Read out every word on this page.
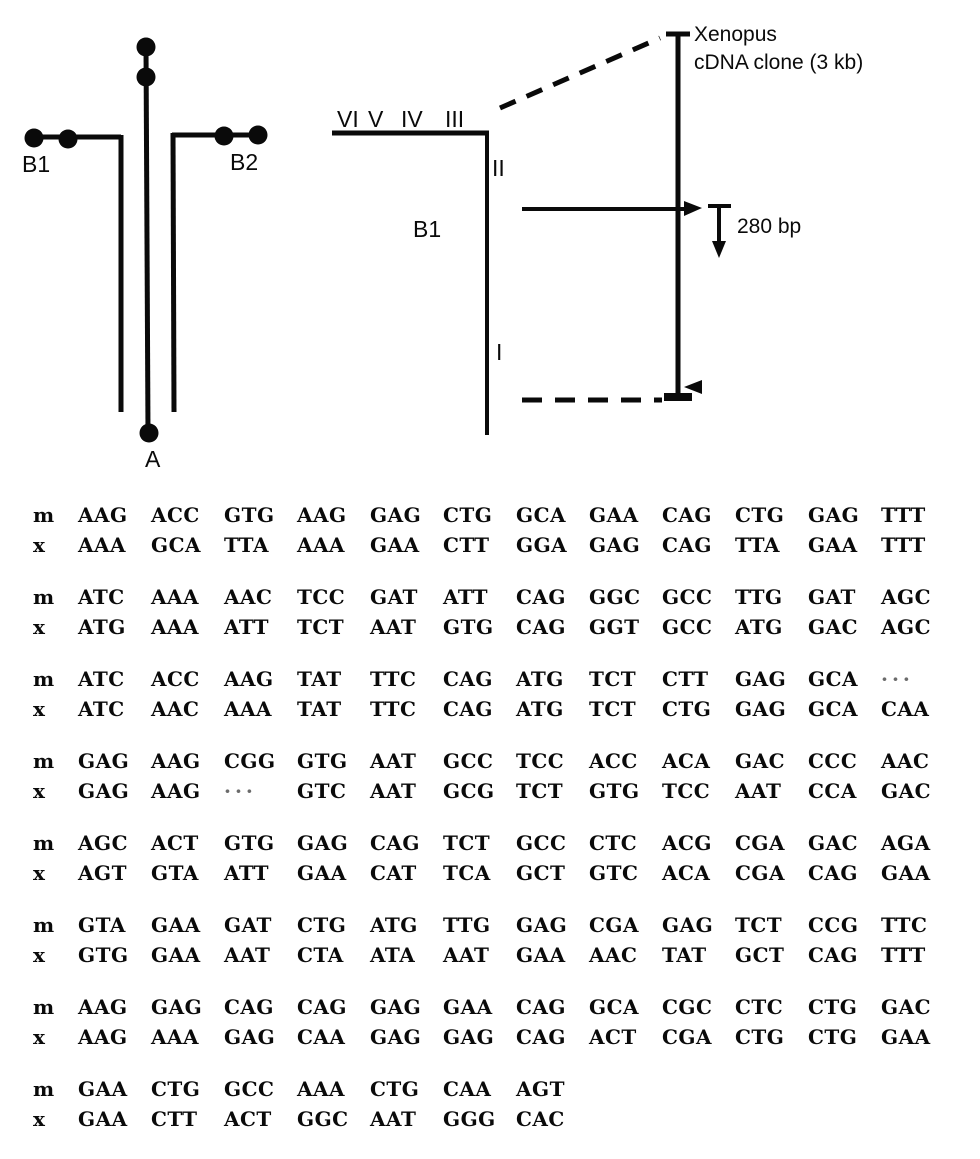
B1	B2
A
VI V IV III
II
B1
I
Xenopus
cDNA clone (3 kb)
280 bp
m	AAG	ACC	GTG	AAG	GAG	CTG	GCA	GAA	CAG	CTG	GAG	TTT
x	AAA	GCA	TTA	AAA	GAA	CTT	GGA	GAG	CAG	TTA	GAA	TTT
m	ATC	AAA	AAC	TCC	GAT	ATT	CAG	GGC	GCC	TTG	GAT	AGC
x	ATG	AAA	ATT	TCT	AAT	GTG	CAG	GGT	GCC	ATG	GAC	AGC
m	ATC	ACC	AAG	TAT	TTC	CAG	ATG	TCT	CTT	GAG	GCA	···
x	ATC	AAC	AAA	TAT	TTC	CAG	ATG	TCT	CTG	GAG	GCA	CAA
m	GAG	AAG	CGG	GTG	AAT	GCC	TCC	ACC	ACA	GAC	CCC	AAC
x	GAG	AAG	···	GTC	AAT	GCG	TCT	GTG	TCC	AAT	CCA	GAC
m	AGC	ACT	GTG	GAG	CAG	TCT	GCC	CTC	ACG	CGA	GAC	AGA
x	AGT	GTA	ATT	GAA	CAT	TCA	GCT	GTC	ACA	CGA	CAG	GAA
m	GTA	GAA	GAT	CTG	ATG	TTG	GAG	CGA	GAG	TCT	CCG	TTC
x	GTG	GAA	AAT	CTA	ATA	AAT	GAA	AAC	TAT	GCT	CAG	TTT
m	AAG	GAG	CAG	CAG	GAG	GAA	CAG	GCA	CGC	CTC	CTG	GAC
x	AAG	AAA	GAG	CAA	GAG	GAG	CAG	ACT	CGA	CTG	CTG	GAA
m	GAA	CTG	GCC	AAA	CTG	CAA	AGT
x	GAA	CTT	ACT	GGC	AAT	GGG	CAC
